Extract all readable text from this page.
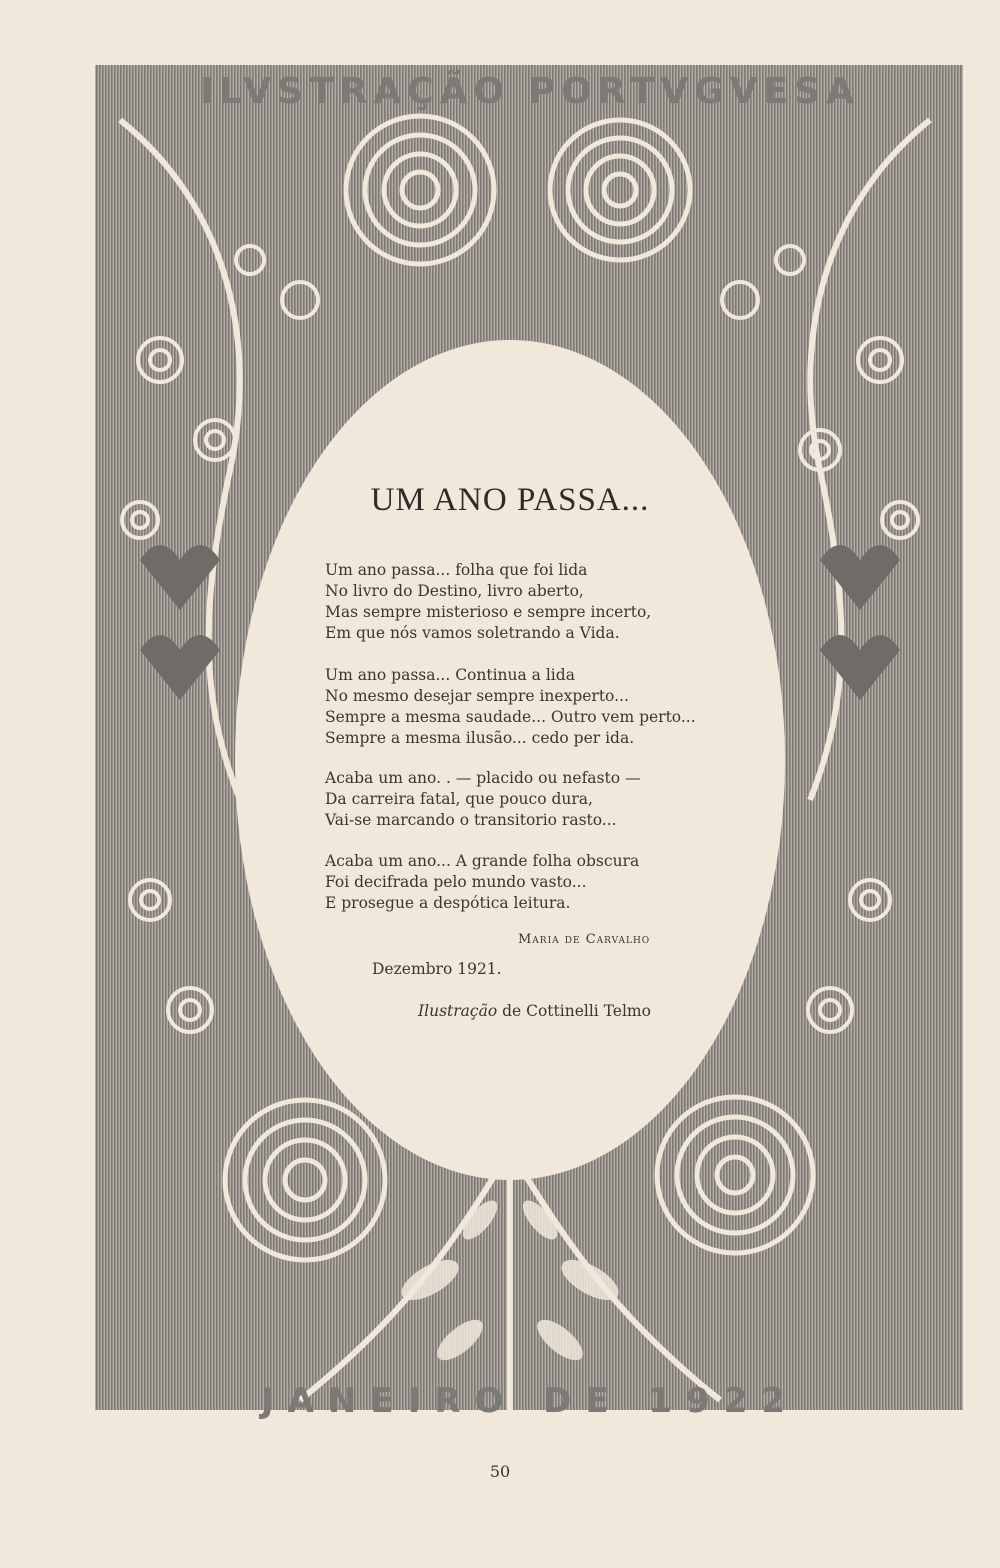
ILVSTRAÇÃO PORTVGVESA
JANEIRO DE 1922
UM ANO PASSA...
Um ano passa... folha que foi lida
No livro do Destino, livro aberto,
Mas sempre misterioso e sempre incerto,
Em que nós vamos soletrando a Vida.
Um ano passa... Continua a lida
No mesmo desejar sempre inexperto...
Sempre a mesma saudade... Outro vem perto...
Sempre a mesma ilusão... cedo per ida.
Acaba um ano. . — placido ou nefasto —
Da carreira fatal, que pouco dura,
Vai-se marcando o transitorio rasto...
Acaba um ano... A grande folha obscura
Foi decifrada pelo mundo vasto...
E prosegue a despótica leitura.
Maria de Carvalho
Dezembro 1921.
Ilustração de Cottinelli Telmo
50
